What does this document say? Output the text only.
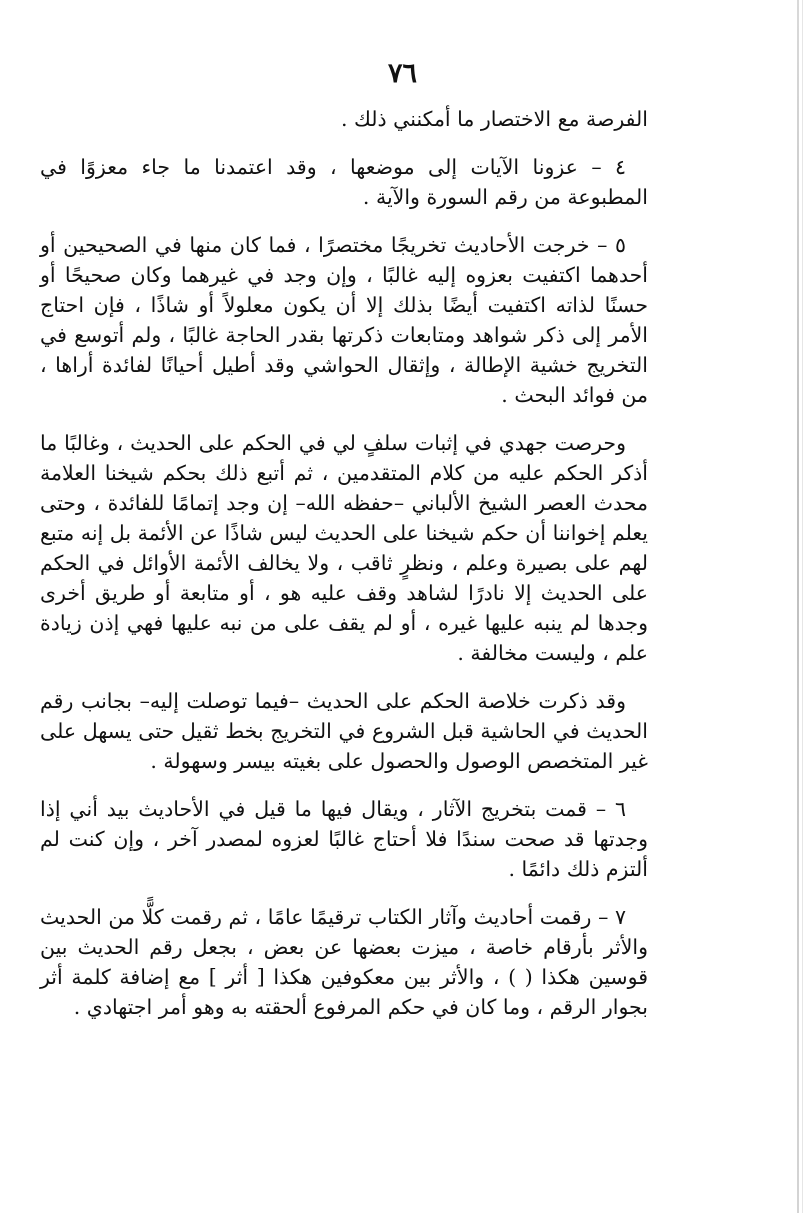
٧٦

الفرصة مع الاختصار ما أمكنني ذلك .

٤ – عزونا الآيات إلى موضعها ، وقد اعتمدنا ما جاء معزوًا في المطبوعة من رقم السورة والآية .

٥ – خرجت الأحاديث تخريجًا مختصرًا ، فما كان منها في الصحيحين أو أحدهما اكتفيت بعزوه إليه غالبًا ، وإن وجد في غيرهما وكان صحيحًا أو حسنًا لذاته اكتفيت أيضًا بذلك إلا أن يكون معلولاً أو شاذًا ، فإن احتاج الأمر إلى ذكر شواهد ومتابعات ذكرتها بقدر الحاجة غالبًا ، ولم أتوسع في التخريج خشية الإطالة ، وإثقال الحواشي وقد أطيل أحيانًا لفائدة أراها ، من فوائد البحث .

وحرصت جهدي في إثبات سلفٍ لي في الحكم على الحديث ، وغالبًا ما أذكر الحكم عليه من كلام المتقدمين ، ثم أتبع ذلك بحكم شيخنا العلامة محدث العصر الشيخ الألباني –حفظه الله– إن وجد إتمامًا للفائدة ، وحتى يعلم إخواننا أن حكم شيخنا على الحديث ليس شاذًا عن الأئمة بل إنه متبع لهم على بصيرة وعلم ، ونظرٍ ثاقب ، ولا يخالف الأئمة الأوائل في الحكم على الحديث إلا نادرًا لشاهد وقف عليه هو ، أو متابعة أو طريق أخرى وجدها لم ينبه عليها غيره ، أو لم يقف على من نبه عليها فهي إذن زيادة علم ، وليست مخالفة .

وقد ذكرت خلاصة الحكم على الحديث –فيما توصلت إليه– بجانب رقم الحديث في الحاشية قبل الشروع في التخريج بخط ثقيل حتى يسهل على غير المتخصص الوصول والحصول على بغيته بيسر وسهولة .

٦ – قمت بتخريج الآثار ، ويقال فيها ما قيل في الأحاديث بيد أني إذا وجدتها قد صحت سندًا فلا أحتاج غالبًا لعزوه لمصدر آخر ، وإن كنت لم ألتزم ذلك دائمًا .

٧ – رقمت أحاديث وآثار الكتاب ترقيمًا عامًا ، ثم رقمت كلًّا من الحديث والأثر بأرقام خاصة ، ميزت بعضها عن بعض ، بجعل رقم الحديث بين قوسين هكذا ( ) ، والأثر بين معكوفين هكذا [ أثر ] مع إضافة كلمة أثر بجوار الرقم ، وما كان في حكم المرفوع ألحقته به وهو أمر اجتهادي .
